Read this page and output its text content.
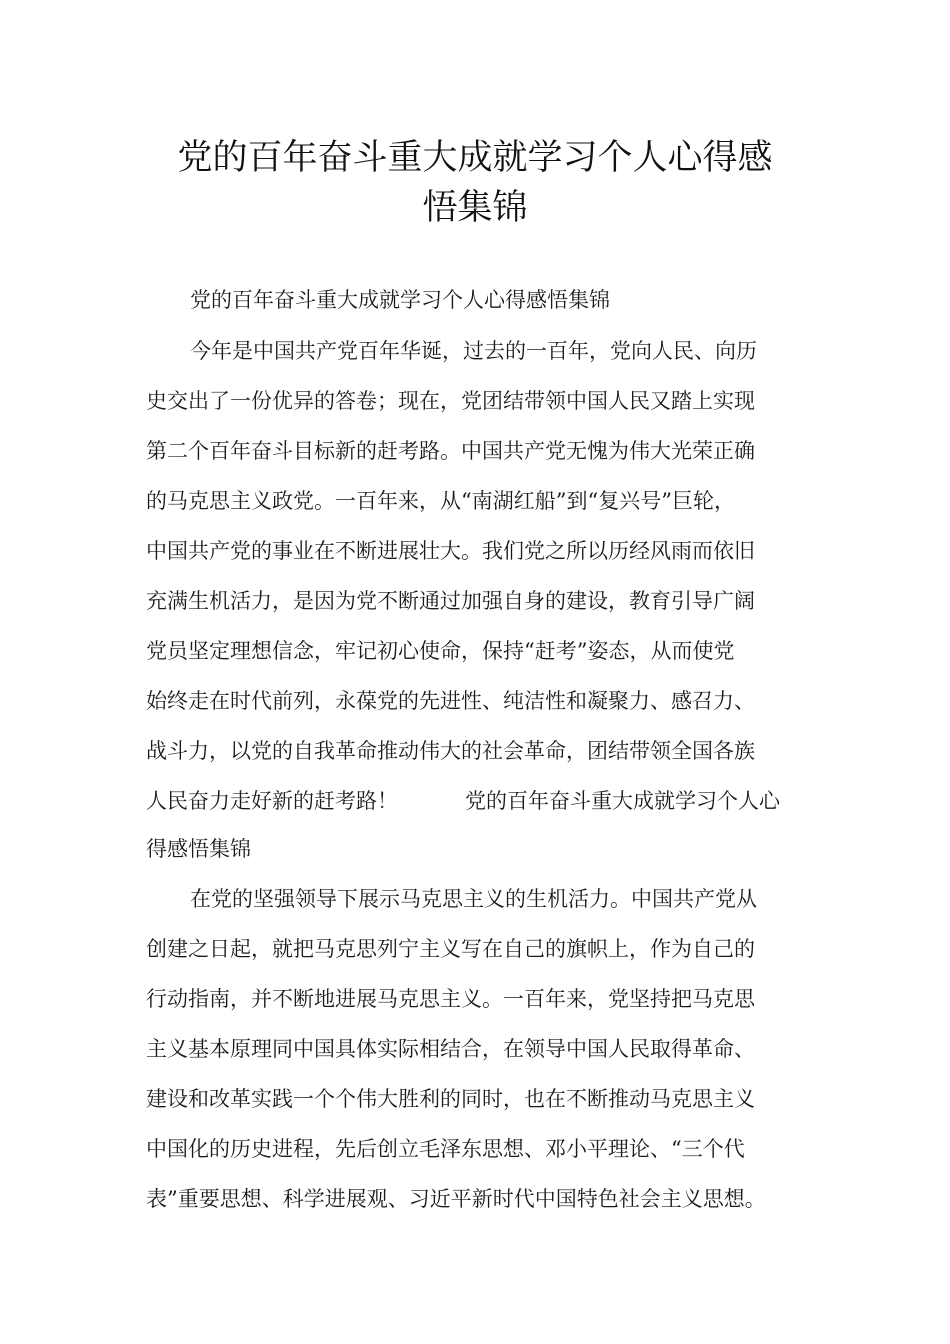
党的百年奋斗重大成就学习个人心得感
悟集锦

党的百年奋斗重大成就学习个人心得感悟集锦

今年是中国共产党百年华诞，过去的一百年，党向人民、向历

史交出了一份优异的答卷；现在，党团结带领中国人民又踏上实现

第二个百年奋斗目标新的赶考路。中国共产党无愧为伟大光荣正确

的马克思主义政党。一百年来，从“南湖红船”到“复兴号”巨轮，

中国共产党的事业在不断进展壮大。我们党之所以历经风雨而依旧

充满生机活力，是因为党不断通过加强自身的建设，教育引导广阔

党员坚定理想信念，牢记初心使命，保持“赶考”姿态，从而使党

始终走在时代前列，永葆党的先进性、纯洁性和凝聚力、感召力、

战斗力，以党的自我革命推动伟大的社会革命，团结带领全国各族

人民奋力走好新的赶考路！	党的百年奋斗重大成就学习个人心

得感悟集锦

在党的坚强领导下展示马克思主义的生机活力。中国共产党从

创建之日起，就把马克思列宁主义写在自己的旗帜上，作为自己的

行动指南，并不断地进展马克思主义。一百年来，党坚持把马克思

主义基本原理同中国具体实际相结合，在领导中国人民取得革命、

建设和改革实践一个个伟大胜利的同时，也在不断推动马克思主义

中国化的历史进程，先后创立毛泽东思想、邓小平理论、“三个代

表”重要思想、科学进展观、习近平新时代中国特色社会主义思想。
